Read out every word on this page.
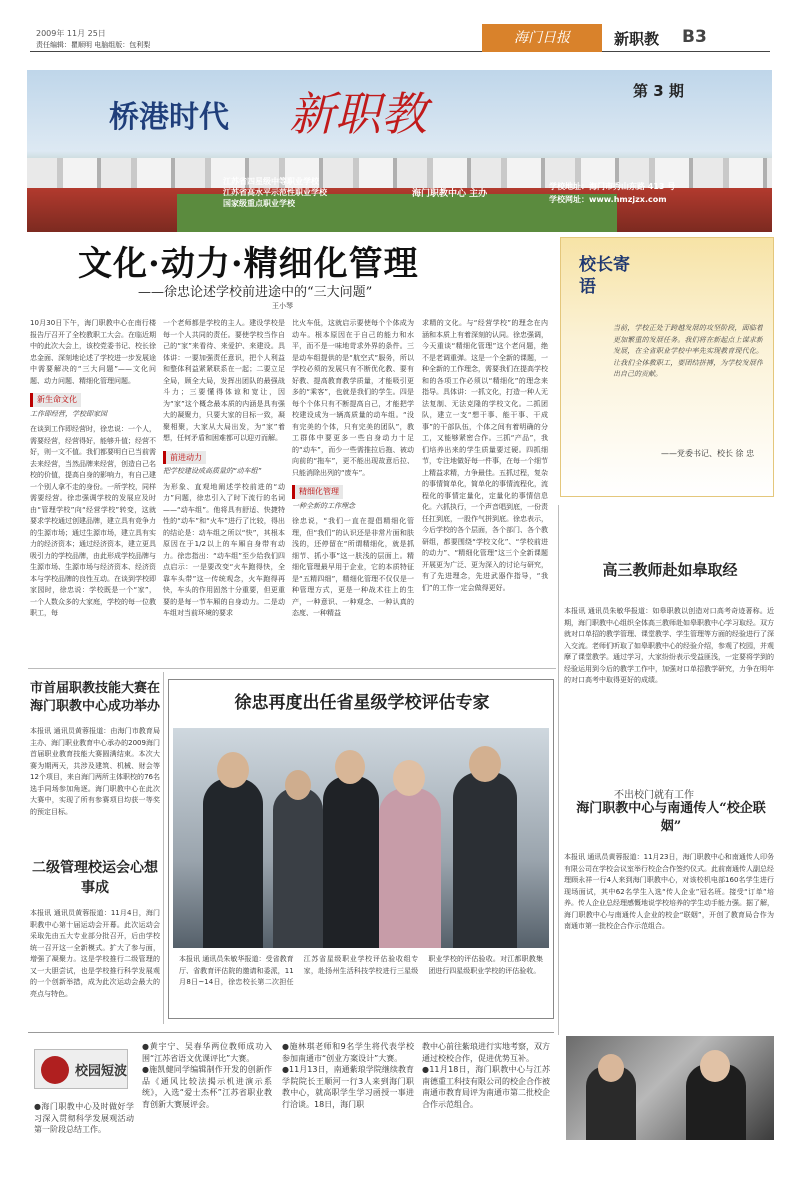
2009年 11月 25日
责任编辑：瞿顺明 电脑组版：包利梨	海门日报	新职教 B3
桥港时代 新职教	第 3 期
江苏省四星级中等职业学校
江苏省高水平示范性职业学校
国家级重点职业学校
海门职教中心 主办
学校地址：海门市秀山东路 413 号
学校网址：www.hmzjzx.com
文化·动力·精细化管理
——徐忠论述学校前进途中的“三大问题”
王小琴

10月30日下午，海门职教中心在南行楼报告厅召开了全校教职工大会。在临近期中的此次大会上，该校党委书记、校长徐忠金面、深刻地论述了学校进一步发展途中需要解决的“三大问题”——文化问题、动力问题、精细化管理问题。

新生命文化

工作即经营，学校即家园

在谈到工作即经营时，徐忠说：一个人，需要经营，经营得好，能够升值；经营不好，则一文不值。我们都要明白已当前需去来经营，当然品牌来经营，创造自己名校的价值，提高自身的影响力，有自己建一个别人拿不走的身份。一所学校，同样需要经营。徐忠强调学校的发展应及时由“管理学校”向“经营学校”转变，这就要求学校通过创建品牌，建立具有竞争力的生源市场；通过生源市场，建立具有实力的经济资本；通过经济资本，建立更具吸引力的学校品牌，由此形成学校品牌与生源市场、生源市场与经济资本、经济资本与学校品牌的良性互动。在谈到学校即家园时，徐忠说：学校既是一个“家”，一个人数众多的大家庭，学校的每一位教职工，每

一个老师都是学校的主人。建设学校是每一个人共同的责任。要使学校当作自己的“家”来看待、来爱护、来建设。具体讲：一要加强责任意识，把个人利益和整体利益紧紧联系在一起；二要立足全局，顾全大局，发挥出团队的最强战斗力；三要懂得体谅和宽让，因为“家”这个概念最本质的内涵是具有强大的凝聚力，只要大家的目标一致，凝聚相聚，大家从大局出发，为“家”着想，任何矛盾和困难都可以迎刃而解。

前进动力

把学校建设成高质量的“动车组”

为形象、直观地阐述学校前进的“动力”问题，徐忠引入了时下流行的名词——“动车组”。他将具有舒适、快捷特性的“动车”和“火车”进行了比较，得出的结论是：动车组之所以“快”，其根本原因在于1/2以上的车厢自身带有动力。徐忠指出：“动车组”至少给我们四点启示：一是要改变“火车跑得快，全靠车头带”这一传统观念，火车跑得再快，车头的作用固然十分重要，但更重要的是每一节车厢的自身动力。二是动车组对当前环境的要求

比火车低，这就启示要使每个个体成为动车。根本原因在于自己的能力和水平，而不是一味地苛求外界的条件。三是动车组提供的是“航空式”服务，所以学校必须的发展只有不断优化教、要有好教、提高教育教学质量，才能吸引更多的“乘客”，也就是我们的学生。四是每个个体只有不断提高自己，才能把学校建设成为一辆高质量的动车组。“没有完美的个体，只有完美的团队”，教工群体中要更多一些自身动力十足的“动车”，而少一些需推拉后拖、被动向前的“拖车”，更不能出现故意后拉、只能消除出列的“废车”。

精细化管理

一种全新的工作理念

徐忠说，“我们一直在提倡精细化管理，但“我们”的认识还是非常片面和肤浅的，还停留在“所谓精细化，就是抓细节、抓小事”这一肤浅的层面上。精细化管理最早用于企业，它的本质特征是“五精四细”，精细化管理不仅仅是一种管理方式，更是一种战术往上的生产，一种意识、一种观念、一种认真的态度、一种精益

求精的文化。与“经营学校”的理念在内涵和本质上有着深刻的认同。徐忠强调，今天重谈“精细化管理”这个老问题，绝不是老调重弹。这是一个全新的课题，一种全新的工作理念，需要我们在提高学校和的各项工作必须以“精细化”的理念来指导。具体讲：一抓文化，打造一种人无法复制、无法克隆的学校文化。二抓团队，建立一支“想干事、能干事、干成事”的干部队伍，个体之间有着明确的分工，又能够紧密合作。三抓“产品”，我们培养出来的学生质量要过硬。四抓细节，专注地做好每一件事，在每一个细节上精益求精，力争最佳。五抓过程，复杂的事情简单化，简单化的事情流程化，流程化的事情定量化，定量化的事情信息化。六抓执行，一个声音唱到底，一份责任扛到底，一股作气拼到底。徐忠表示，今后学校的各个层面，各个部门、各个教研组，都要围绕“学校文化”、“学校前进的动力”、“精细化管理”这三个全新课题开展更为广泛、更为深入的讨论与研究，有了先进理念，先进武器作指导，“我们”的工作一定会做得更好。

校长寄语
当前，学校正处于跨越发展的攻坚阶段，面临着更加繁重的发展任务。我们将在新起点上谋求新发展，在全省职业学校中率先实现教育现代化。让我们全体教职工，要团结拼搏，为学校发展作出自己的贡献。
——党委书记、校长 徐 忠
高三教师赴如皋取经
本报讯 通讯员朱敏华报道：如皋职教以创造对口高考奇迹著称。近期，海门职教中心组织全体高三教师赴如皋职教中心学习取经。双方就对口单招的教学管理、课堂教学、学生管理等方面的经验进行了深入交流。老师们听取了如皋职教中心的经验介绍，参观了校园，并观摩了课堂教学。通过学习，大家纷纷表示受益匪浅，一定要将学到的经验运用到今后的教学工作中，加强对口单招教学研究，力争在明年的对口高考中取得更好的成绩。
不出校门就有工作
海门职教中心与南通传人“校企联姻”
本报讯 通讯员黄蓉报道：11月23日，海门职教中心和南通传人印务有限公司在学校会议室举行校企合作签约仪式。此前南通传人副总经理顾永祥一行4人来到海门职教中心，对该校机电部160名学生进行现场面试，其中62名学生入选“传人企业”冠名班。接受“订单”培养。传人企业总经理感慨地说学校培养的学生动手能力强。据了解，海门职教中心与南通传人企业的校企“联姻”，开创了教育局合作为南通市第一批校企合作示范组合。
市首届职教技能大赛在海门职教中心成功举办
本报讯 通讯员黄蓉报道：由海门市教育局主办、海门职业教育中心承办的2009海门首届职业教育技能大赛圆满结束。本次大赛为期两天，共涉及建筑、机械、财会等12个项目，来自海门两所主体职校的76名选手同场参加角逐。海门职教中心在此次大赛中，实现了所有参赛项目均获一等奖的预定目标。
二级管理校运会心想事成
本报讯 通讯员黄蓉报道：11月4日，海门职教中心第十届运动会开幕。此次运动会采取先由五大专业部分批召开，后由学校统一召开这一全新模式。扩大了参与面，增强了凝聚力。这是学校推行二级管理的又一大胆尝试，也是学校推行科学发展观的一个创新举措，成为此次运动会最大的亮点与特色。
徐忠再度出任省星级学校评估专家
本报讯 通讯员朱敏华报道：受省教育厅、省教育评估院的邀请和委派，11月8日~14日，徐忠校长第二次担任江苏省星级职业学校评估验收组专家，赴扬州生活科技学校进行三星级职业学校的评估验收。对江都职教集团进行四星级职业学校的评估验收。
校园短波
●海门职教中心及时做好学习深入贯彻科学发展观活动第一阶段总结工作。

●黄宇宁、吴春华两位教师成功入围“江苏省语文优课评比”大赛。

●施凯健同学编辑制作开发的创新作品《通风比较法揭示机进演示系统》，入选“爱士杰杯”江苏省职业教育创新大赛展评会。

●施林琪老师和9名学生将代表学校参加南通市“创业方案设计”大赛。

●11月13日，南通紫琅学院继续教育学院院长王顺河一行3人来到海门职教中心，就高职学生学习函授一事进行洽谈。18日，海门职

教中心前往紫琅进行实地考察，双方通过校校合作，促进优势互补。

●11月18日，海门职教中心与江苏南德重工科技有限公司的校企合作被南通市教育局评为南通市第二批校企合作示范组合。
